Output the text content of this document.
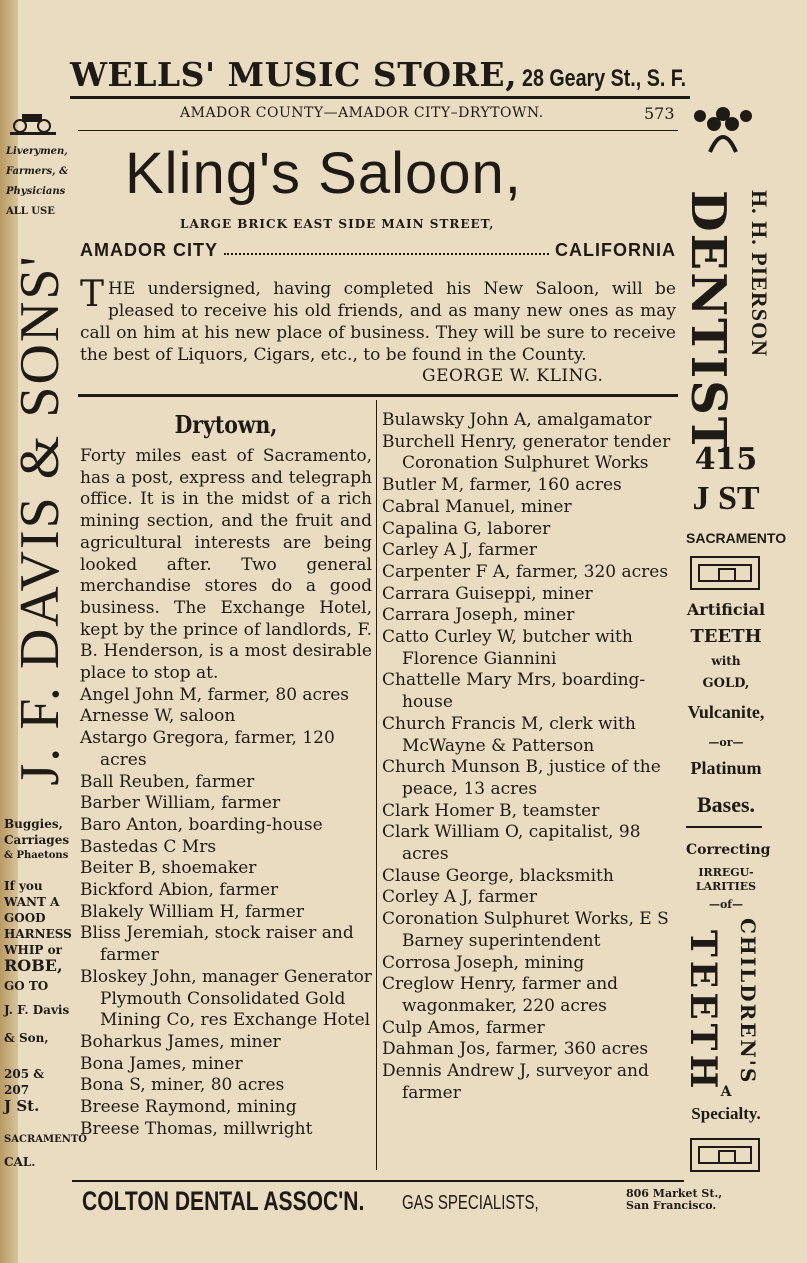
WELLS' MUSIC STORE, 28 Geary St., S. F.
AMADOR COUNTY—AMADOR CITY–DRYTOWN.	573
Kling's Saloon,
LARGE BRICK EAST SIDE MAIN STREET,
AMADOR CITY	CALIFORNIA
THE undersigned, having completed his New Saloon, will be pleased to receive his old friends, and as many new ones as may call on him at his new place of business. They will be sure to receive the best of Liquors, Cigars, etc., to be found in the County.
GEORGE W. KLING.
Drytown,
Forty miles east of Sacramento, has a post, express and telegraph office. It is in the midst of a rich mining section, and the fruit and agricultural interests are being looked after. Two general merchandise stores do a good business. The Exchange Hotel, kept by the prince of landlords, F. B. Henderson, is a most desirable place to stop at.
Angel John M, farmer, 80 acres
Arnesse W, saloon
Astargo Gregora, farmer, 120 acres
Ball Reuben, farmer
Barber William, farmer
Baro Anton, boarding-house
Bastedas C Mrs
Beiter B, shoemaker
Bickford Abion, farmer
Blakely William H, farmer
Bliss Jeremiah, stock raiser and farmer
Bloskey John, manager Generator Plymouth Consolidated Gold Mining Co, res Exchange Hotel
Boharkus James, miner
Bona James, miner
Bona S, miner, 80 acres
Breese Raymond, mining
Breese Thomas, millwright
Bulawsky John A, amalgamator
Burchell Henry, generator tender Coronation Sulphuret Works
Butler M, farmer, 160 acres
Cabral Manuel, miner
Capalina G, laborer
Carley A J, farmer
Carpenter F A, farmer, 320 acres
Carrara Guiseppi, miner
Carrara Joseph, miner
Catto Curley W, butcher with Florence Giannini
Chattelle Mary Mrs, boarding-house
Church Francis M, clerk with McWayne & Patterson
Church Munson B, justice of the peace, 13 acres
Clark Homer B, teamster
Clark William O, capitalist, 98 acres
Clause George, blacksmith
Corley A J, farmer
Coronation Sulphuret Works, E S Barney superintendent
Corrosa Joseph, mining
Creglow Henry, farmer and wagonmaker, 220 acres
Culp Amos, farmer
Dahman Jos, farmer, 360 acres
Dennis Andrew J, surveyor and farmer
COLTON DENTAL ASSOC'N. GAS SPECIALISTS,	806 Market St.,
San Francisco.
Liverymen,
Farmers, &
Physicians
ALL USE
J. F. DAVIS & SONS'
Buggies,
Carriages
& Phaetons
If you
WANT A
GOOD
HARNESS
WHIP or
ROBE,
GO TO
J. F. Davis
& Son,
205 & 207
J St.
SACRAMENTO
CAL.
DENTIST H. H. PIERSON
415
J ST
SACRAMENTO
Artificial
TEETH
with
GOLD,
Vulcanite,
—or—
Platinum
Bases.
Correcting
IRREGU-
LARITIES
—of—
CHILDREN'S
TEETH
A
Specialty.
